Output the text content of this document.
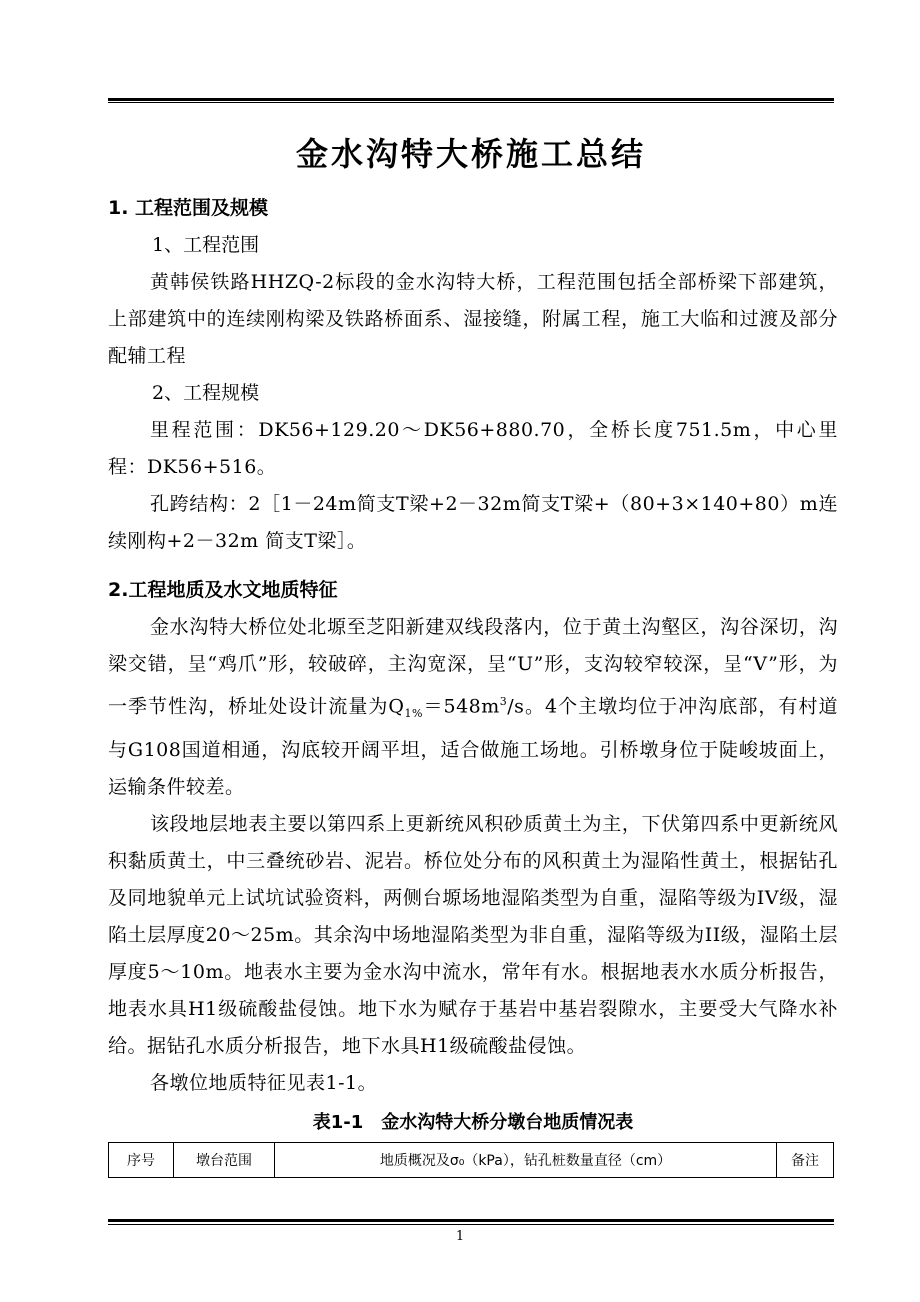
金水沟特大桥施工总结

1. 工程范围及规模

1、工程范围

黄韩侯铁路HHZQ-2标段的金水沟特大桥，工程范围包括全部桥梁下部建筑，上部建筑中的连续刚构梁及铁路桥面系、湿接缝，附属工程，施工大临和过渡及部分配辅工程

2、工程规模

里程范围：DK56+129.20～DK56+880.70，全桥长度751.5m，中心里程：DK56+516。

孔跨结构：2［1－24m简支T梁+2－32m简支T梁+（80+3×140+80）m连续刚构+2－32m 简支T梁］。

2.工程地质及水文地质特征

金水沟特大桥位处北塬至芝阳新建双线段落内，位于黄土沟壑区，沟谷深切，沟梁交错，呈“鸡爪”形，较破碎，主沟宽深，呈“U”形，支沟较窄较深，呈“V”形，为一季节性沟，桥址处设计流量为$Q_{1\%}=548m^3/s$。4个主墩均位于冲沟底部，有村道与G108国道相通，沟底较开阔平坦，适合做施工场地。引桥墩身位于陡峻坡面上，运输条件较差。

该段地层地表主要以第四系上更新统风积砂质黄土为主，下伏第四系中更新统风积黏质黄土，中三叠统砂岩、泥岩。桥位处分布的风积黄土为湿陷性黄土，根据钻孔及同地貌单元上试坑试验资料，两侧台塬场地湿陷类型为自重，湿陷等级为IV级，湿陷土层厚度20～25m。其余沟中场地湿陷类型为非自重，湿陷等级为II级，湿陷土层厚度5～10m。地表水主要为金水沟中流水，常年有水。根据地表水水质分析报告，地表水具H1级硫酸盐侵蚀。地下水为赋存于基岩中基岩裂隙水，主要受大气降水补给。据钻孔水质分析报告，地下水具H1级硫酸盐侵蚀。

各墩位地质特征见表1-1。

表1-1　金水沟特大桥分墩台地质情况表

序号	墩台范围	地质概况及σ₀（kPa），钻孔桩数量直径（cm）	备注
1
